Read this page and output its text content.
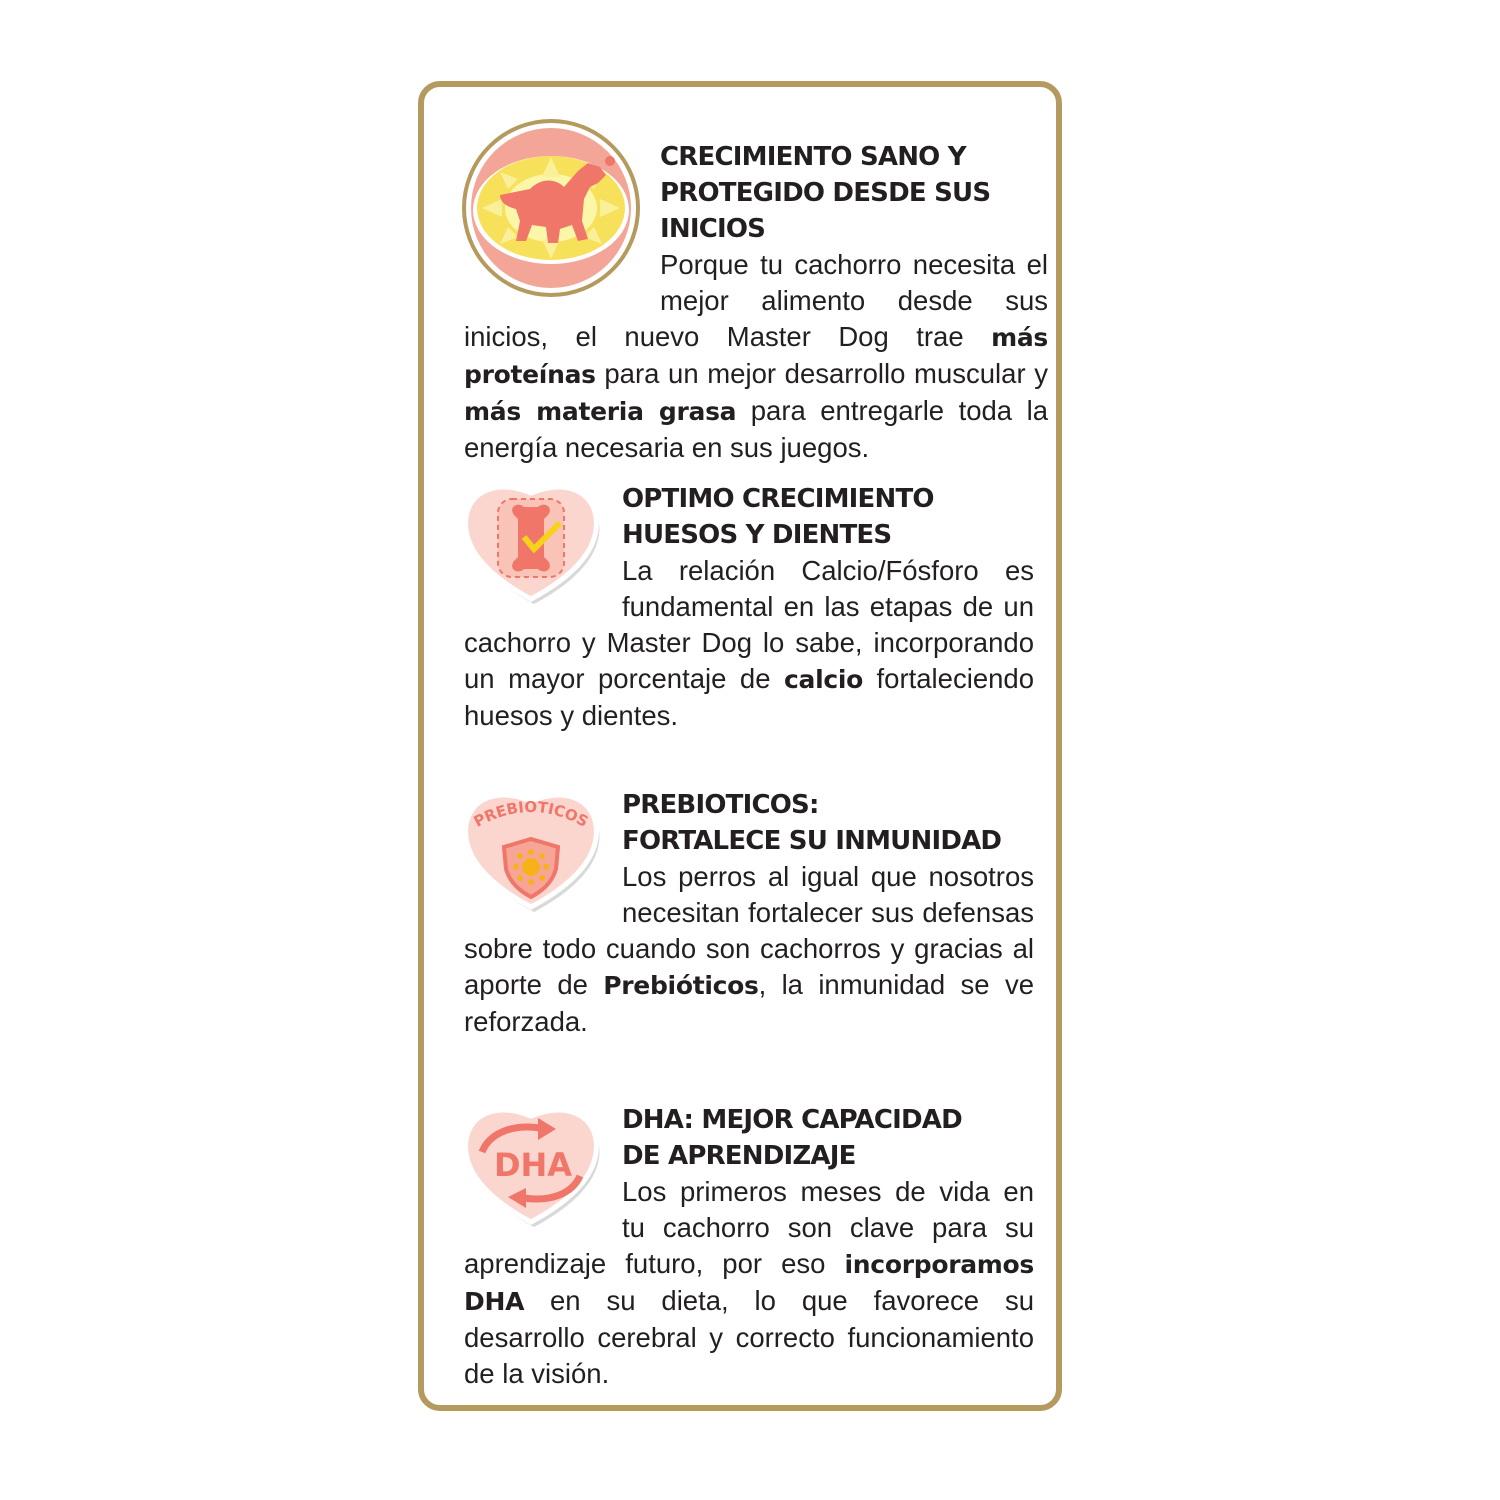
CRECIMIENTO SANO Y
PROTEGIDO DESDE SUS INICIOS
Porque tu cachorro necesita el mejor alimento desde sus inicios, el nuevo Master Dog trae más proteínas para un mejor desarrollo muscular y más materia grasa para entregarle toda la energía necesaria en sus juegos.
OPTIMO CRECIMIENTO
HUESOS Y DIENTES
La relación Calcio/Fósforo es fundamental en las etapas de un cachorro y Master Dog lo sabe, incorporando un mayor porcentaje de calcio fortaleciendo huesos y dientes.
PREBIOTICOS
PREBIOTICOS:
FORTALECE SU INMUNIDAD
Los perros al igual que nosotros necesitan fortalecer sus defensas sobre todo cuando son cachorros y gracias al aporte de Prebióticos, la inmunidad se ve reforzada.
DHA
DHA: MEJOR CAPACIDAD
DE APRENDIZAJE
Los primeros meses de vida en tu cachorro son clave para su aprendizaje futuro, por eso incorporamos DHA en su dieta, lo que favorece su desarrollo cerebral y correcto funcionamiento de la visión.
